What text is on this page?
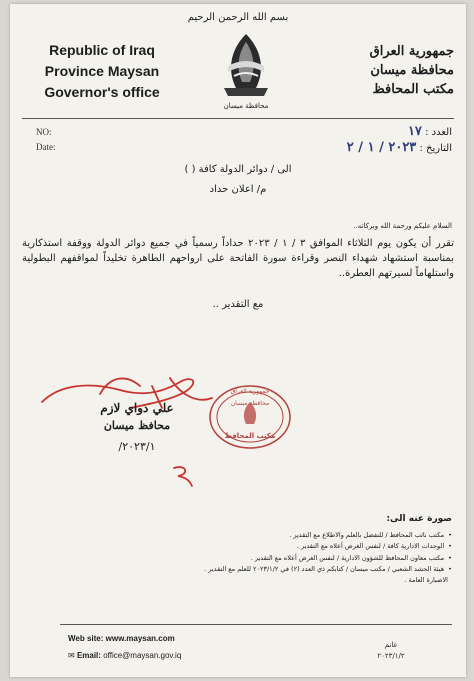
بسم الله الرحمن الرحيم
Republic of Iraq
Province Maysan
Governor's office
محافظة ميسان
جمهورية العراق
محافظة ميسان
مكتب المحافظ
NO:
Date:
العدد : ١٧
التاريخ : ٢٠٢٣ / ١ / ٢
الى / دوائر الدولة كافة ( )
م/ اعلان حداد
السلام عليكم ورحمة الله وبركاته..
تقرر أن يكون يوم الثلاثاء الموافق ٣ / ١ / ٢٠٢٣ حداداً رسمياً في جميع دوائر الدولة ووقفة استذكارية بمناسبة استشهاد شهداء النصر وقراءة سورة الفاتحة على ارواحهم الطاهرة تخليداً لمواقفهم البطولية واستلهاماً لسيرتهم العطرة..
مع التقدير ..
علي دواي لازم
محافظ ميسان
٢٠٢٣/١/
جمهورية العراق
محافظة ميسان
مكتب المحافظ
صورة عنه الى:
• مكتب نائب المحافظ / للتفضل بالعلم والاطلاع مع التقدير .
• الوحدات الادارية كافة / لنفس الغرض أعلاه مع التقدير .
• مكتب معاون المحافظ للشؤون الادارية / لنفس الغرض أعلاه مع التقدير .
• هيئة الحشد الشعبي / مكتب ميسان / كتابكم ذي العدد (٢) في ٢٠٢٣/١/٢ للعلم مع التقدير .
الاضبارة العامة .
Web site: www.maysan.com
✉ Email: office@maysan.gov.iq
غانم
٢٠٢٣/١/٢
